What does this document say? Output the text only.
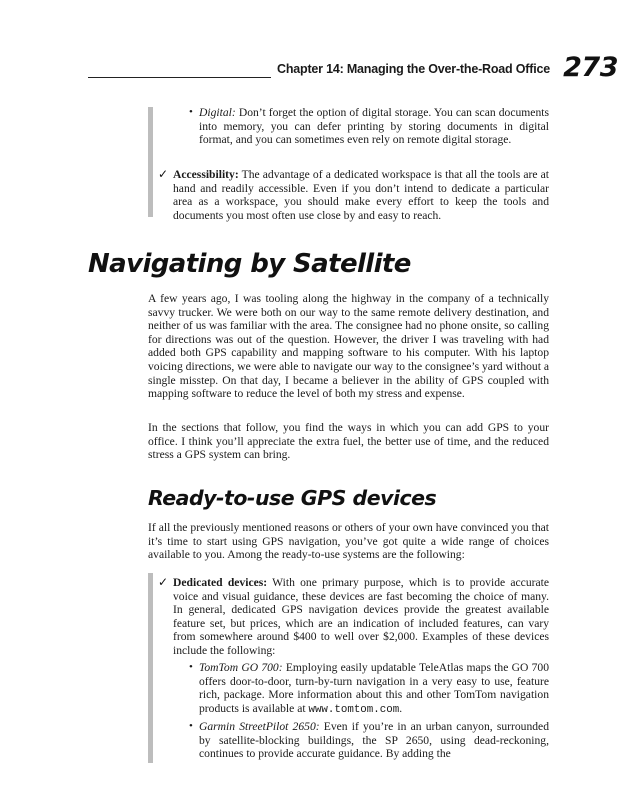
Chapter 14: Managing the Over-the-Road Office 273
• Digital: Don’t forget the option of digital storage. You can scan documents into memory, you can defer printing by storing documents in digital format, and you can sometimes even rely on remote digital storage.

✓ Accessibility: The advantage of a dedicated workspace is that all the tools are at hand and readily accessible. Even if you don’t intend to dedicate a particular area as a workspace, you should make every effort to keep the tools and documents you most often use close by and easy to reach.

Navigating by Satellite

A few years ago, I was tooling along the highway in the company of a technically savvy trucker. We were both on our way to the same remote delivery destination, and neither of us was familiar with the area. The consignee had no phone onsite, so calling for directions was out of the question. However, the driver I was traveling with had added both GPS capability and mapping software to his computer. With his laptop voicing directions, we were able to navigate our way to the consignee’s yard without a single misstep. On that day, I became a believer in the ability of GPS coupled with mapping software to reduce the level of both my stress and expense.

In the sections that follow, you find the ways in which you can add GPS to your office. I think you’ll appreciate the extra fuel, the better use of time, and the reduced stress a GPS system can bring.

Ready-to-use GPS devices

If all the previously mentioned reasons or others of your own have convinced you that it’s time to start using GPS navigation, you’ve got quite a wide range of choices available to you. Among the ready-to-use systems are the following:

✓ Dedicated devices: With one primary purpose, which is to provide accurate voice and visual guidance, these devices are fast becoming the choice of many. In general, dedicated GPS navigation devices provide the greatest available feature set, but prices, which are an indication of included features, can vary from somewhere around $400 to well over $2,000. Examples of these devices include the following:

• TomTom GO 700: Employing easily updatable TeleAtlas maps the GO 700 offers door-to-door, turn-by-turn navigation in a very easy to use, feature rich, package. More information about this and other TomTom navigation products is available at www.tomtom.com.

• Garmin StreetPilot 2650: Even if you’re in an urban canyon, surrounded by satellite-blocking buildings, the SP 2650, using dead-reckoning, continues to provide accurate guidance. By adding the
